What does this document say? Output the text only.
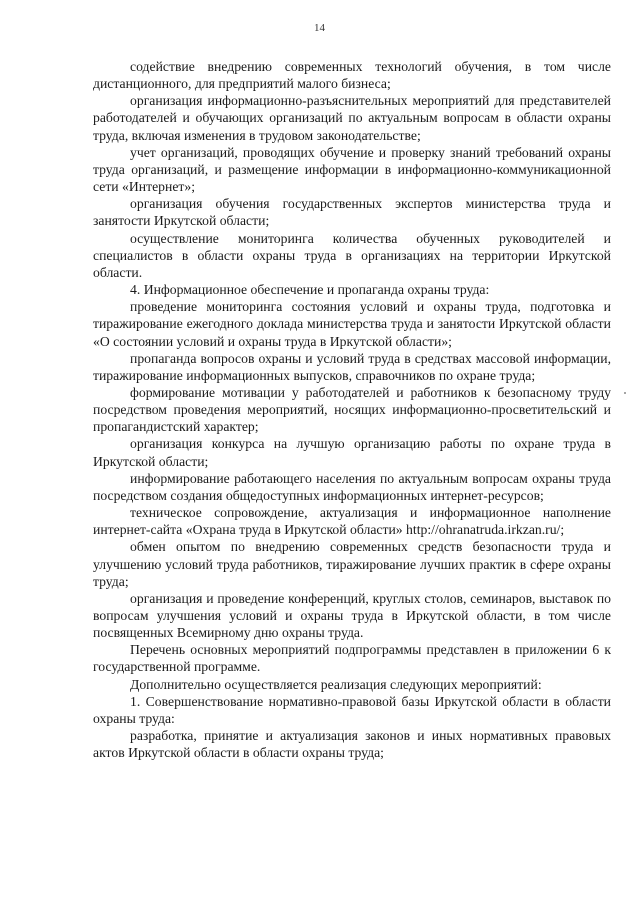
14

содействие внедрению современных технологий обучения, в том числе дистанционного, для предприятий малого бизнеса;

организация информационно-разъяснительных мероприятий для представителей работодателей и обучающих организаций по актуальным вопросам в области охраны труда, включая изменения в трудовом законодательстве;

учет организаций, проводящих обучение и проверку знаний требований охраны труда организаций, и размещение информации в информационно-коммуникационной сети «Интернет»;

организация обучения государственных экспертов министерства труда и занятости Иркутской области;

осуществление мониторинга количества обученных руководителей и специалистов в области охраны труда в организациях на территории Иркутской области.

4. Информационное обеспечение и пропаганда охраны труда:

проведение мониторинга состояния условий и охраны труда, подготовка и тиражирование ежегодного доклада министерства труда и занятости Иркутской области «О состоянии условий и охраны труда в Иркутской области»;

пропаганда вопросов охраны и условий труда в средствах массовой информации, тиражирование информационных выпусков, справочников по охране труда;

формирование мотивации у работодателей и работников к безопасному труду посредством проведения мероприятий, носящих информационно-просветительский и пропагандистский характер;

организация конкурса на лучшую организацию работы по охране труда в Иркутской области;

информирование работающего населения по актуальным вопросам охраны труда посредством создания общедоступных информационных интернет-ресурсов;

техническое сопровождение, актуализация и информационное наполнение интернет-сайта «Охрана труда в Иркутской области» http://ohranatruda.irkzan.ru/;

обмен опытом по внедрению современных средств безопасности труда и улучшению условий труда работников, тиражирование лучших практик в сфере охраны труда;

организация и проведение конференций, круглых столов, семинаров, выставок по вопросам улучшения условий и охраны труда в Иркутской области, в том числе посвященных Всемирному дню охраны труда.

Перечень основных мероприятий подпрограммы представлен в приложении 6 к государственной программе.

Дополнительно осуществляется реализация следующих мероприятий:

1. Совершенствование нормативно-правовой базы Иркутской области в области охраны труда:

разработка, принятие и актуализация законов и иных нормативных правовых актов Иркутской области в области охраны труда;
